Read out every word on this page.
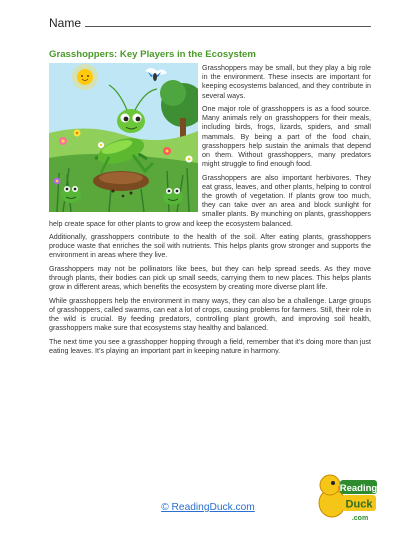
Name
Grasshoppers: Key Players in the Ecosystem

Grasshoppers may be small, but they play a big role in the environment. These insects are important for keeping ecosystems balanced, and they contribute in several ways.

One major role of grasshoppers is as a food source. Many animals rely on grasshoppers for their meals, including birds, frogs, lizards, spiders, and small mammals. By being a part of the food chain, grasshoppers help sustain the animals that depend on them. Without grasshoppers, many predators might struggle to find enough food.

Grasshoppers are also important herbivores. They eat grass, leaves, and other plants, helping to control the growth of vegetation. If plants grow too much, they can take over an area and block sunlight for smaller plants. By munching on plants, grasshoppers help create space for other plants to grow and keep the ecosystem balanced.

Additionally, grasshoppers contribute to the health of the soil. After eating plants, grasshoppers produce waste that enriches the soil with nutrients. This helps plants grow stronger and supports the environment in areas where they live.

Grasshoppers may not be pollinators like bees, but they can help spread seeds. As they move through plants, their bodies can pick up small seeds, carrying them to new places. This helps plants grow in different areas, which benefits the ecosystem by creating more diverse plant life.

While grasshoppers help the environment in many ways, they can also be a challenge. Large groups of grasshoppers, called swarms, can eat a lot of crops, causing problems for farmers. Still, their role in the wild is crucial. By feeding predators, controlling plant growth, and improving soil health, grasshoppers make sure that ecosystems stay healthy and balanced.

The next time you see a grasshopper hopping through a field, remember that it’s doing more than just eating leaves. It’s playing an important part in keeping nature in harmony.

© ReadingDuck.com
Reading
Duck
.com
